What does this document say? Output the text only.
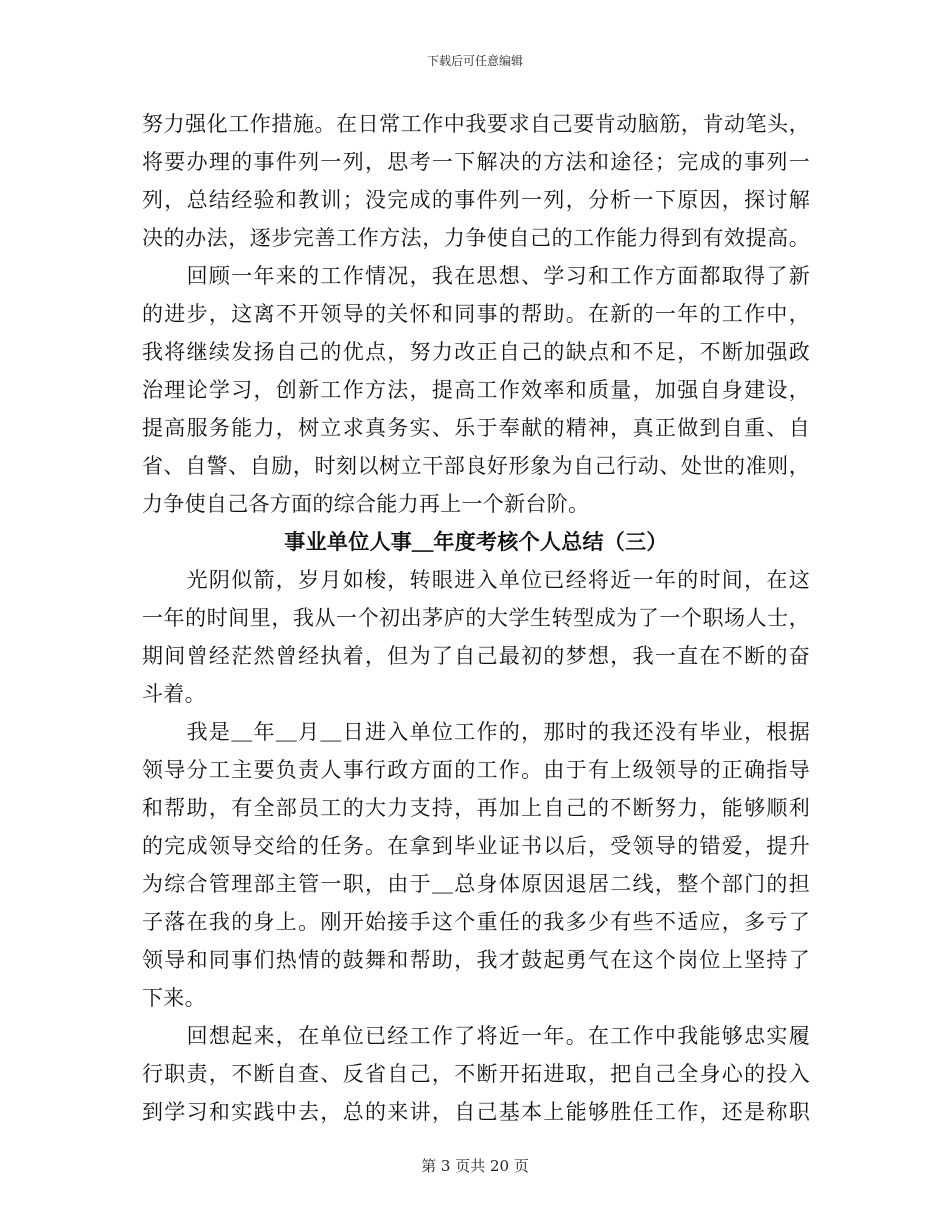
下载后可任意编辑
努力强化工作措施。在日常工作中我要求自己要肯动脑筋，肯动笔头，
将要办理的事件列一列，思考一下解决的方法和途径；完成的事列一
列，总结经验和教训；没完成的事件列一列，分析一下原因，探讨解
决的办法，逐步完善工作方法，力争使自己的工作能力得到有效提高。
　　回顾一年来的工作情况，我在思想、学习和工作方面都取得了新
的进步，这离不开领导的关怀和同事的帮助。在新的一年的工作中，
我将继续发扬自己的优点，努力改正自己的缺点和不足，不断加强政
治理论学习，创新工作方法，提高工作效率和质量，加强自身建设，
提高服务能力，树立求真务实、乐于奉献的精神，真正做到自重、自
省、自警、自励，时刻以树立干部良好形象为自己行动、处世的准则，
力争使自己各方面的综合能力再上一个新台阶。
事业单位人事＿年度考核个人总结（三）
　　光阴似箭，岁月如梭，转眼进入单位已经将近一年的时间，在这
一年的时间里，我从一个初出茅庐的大学生转型成为了一个职场人士，
期间曾经茫然曾经执着，但为了自己最初的梦想，我一直在不断的奋
斗着。
　　我是＿年＿月＿日进入单位工作的，那时的我还没有毕业，根据
领导分工主要负责人事行政方面的工作。由于有上级领导的正确指导
和帮助，有全部员工的大力支持，再加上自己的不断努力，能够顺利
的完成领导交给的任务。在拿到毕业证书以后，受领导的错爱，提升
为综合管理部主管一职，由于＿总身体原因退居二线，整个部门的担
子落在我的身上。刚开始接手这个重任的我多少有些不适应，多亏了
领导和同事们热情的鼓舞和帮助，我才鼓起勇气在这个岗位上坚持了
下来。
　　回想起来，在单位已经工作了将近一年。在工作中我能够忠实履
行职责，不断自查、反省自己，不断开拓进取，把自己全身心的投入
到学习和实践中去，总的来讲，自己基本上能够胜任工作，还是称职
第 3 页共 20 页
